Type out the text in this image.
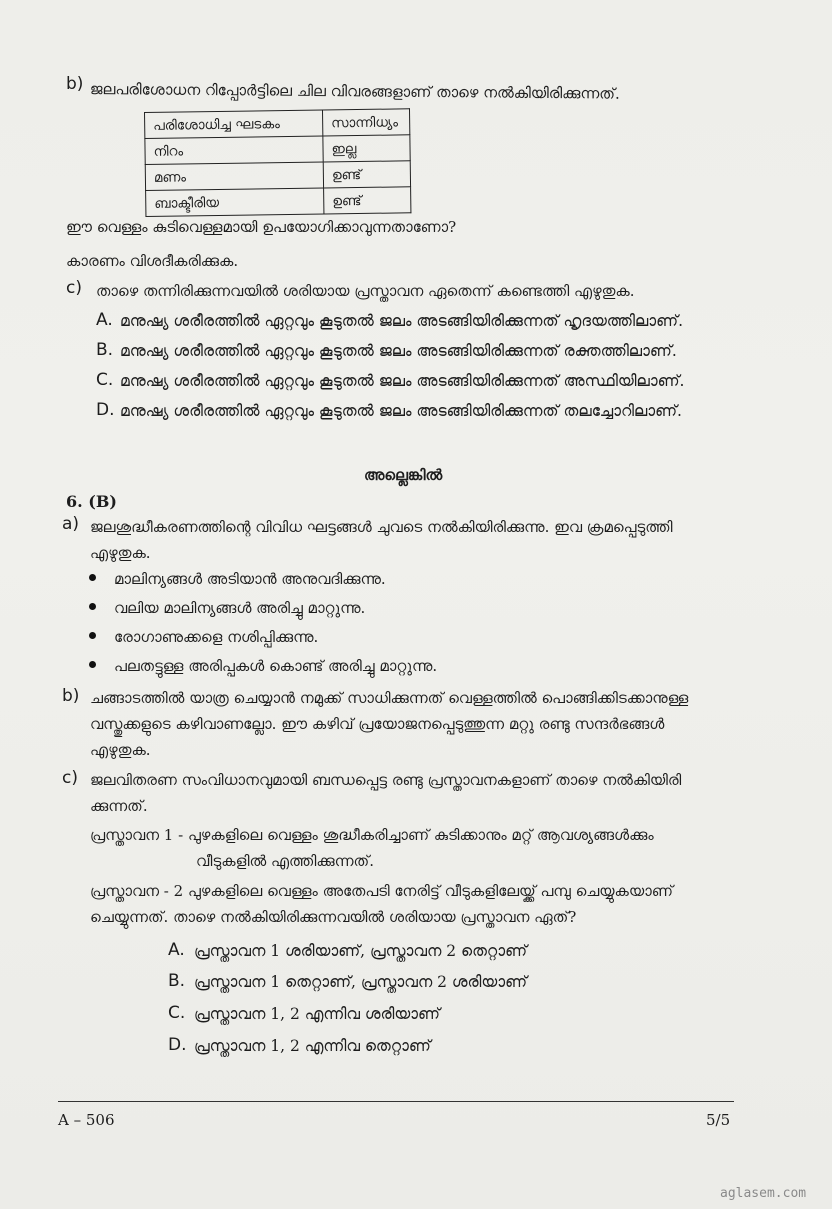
b) ജലപരിശോധന റിപ്പോർട്ടിലെ ചില വിവരങ്ങളാണ് താഴെ നൽകിയിരിക്കുന്നത്.
പരിശോധിച്ച ഘടകം	സാന്നിധ്യം
നിറം	ഇല്ല
മണം	ഉണ്ട്
ബാക്ടീരിയ	ഉണ്ട്
ഈ വെള്ളം കുടിവെള്ളമായി ഉപയോഗിക്കാവുന്നതാണോ?
കാരണം വിശദീകരിക്കുക.
c) താഴെ തന്നിരിക്കുന്നവയിൽ ശരിയായ പ്രസ്താവന ഏതെന്ന് കണ്ടെത്തി എഴുതുക.
A. മനുഷ്യ ശരീരത്തിൽ ഏറ്റവും കൂടുതൽ ജലം അടങ്ങിയിരിക്കുന്നത് ഹൃദയത്തിലാണ്.
B. മനുഷ്യ ശരീരത്തിൽ ഏറ്റവും കൂടുതൽ ജലം അടങ്ങിയിരിക്കുന്നത് രക്തത്തിലാണ്.
C. മനുഷ്യ ശരീരത്തിൽ ഏറ്റവും കൂടുതൽ ജലം അടങ്ങിയിരിക്കുന്നത് അസ്ഥിയിലാണ്.
D. മനുഷ്യ ശരീരത്തിൽ ഏറ്റവും കൂടുതൽ ജലം അടങ്ങിയിരിക്കുന്നത് തലച്ചോറിലാണ്.
അല്ലെങ്കിൽ
6. (B)
a) ജലശുദ്ധീകരണത്തിന്റെ വിവിധ ഘട്ടങ്ങൾ ചുവടെ നൽകിയിരിക്കുന്നു. ഇവ ക്രമപ്പെടുത്തി
എഴുതുക.
മാലിന്യങ്ങൾ അടിയാൻ അനുവദിക്കുന്നു.
വലിയ മാലിന്യങ്ങൾ അരിച്ചു മാറ്റുന്നു.
രോഗാണുക്കളെ നശിപ്പിക്കുന്നു.
പലതട്ടുള്ള അരിപ്പകൾ കൊണ്ട് അരിച്ചു മാറ്റുന്നു.
b) ചങ്ങാടത്തിൽ യാത്ര ചെയ്യാൻ നമുക്ക് സാധിക്കുന്നത് വെള്ളത്തിൽ പൊങ്ങിക്കിടക്കാനുള്ള
വസ്തുക്കളുടെ കഴിവാണല്ലോ. ഈ കഴിവ് പ്രയോജനപ്പെടുത്തുന്ന മറ്റു രണ്ടു സന്ദർഭങ്ങൾ
എഴുതുക.
c) ജലവിതരണ സംവിധാനവുമായി ബന്ധപ്പെട്ട രണ്ടു പ്രസ്താവനകളാണ് താഴെ നൽകിയിരി
ക്കുന്നത്.
പ്രസ്താവന 1 - പുഴകളിലെ വെള്ളം ശുദ്ധീകരിച്ചാണ് കുടിക്കാനും മറ്റ് ആവശ്യങ്ങൾക്കും
വീടുകളിൽ എത്തിക്കുന്നത്.
പ്രസ്താവന - 2 പുഴകളിലെ വെള്ളം അതേപടി നേരിട്ട് വീടുകളിലേയ്ക്ക് പമ്പു ചെയ്യുകയാണ്
ചെയ്യുന്നത്. താഴെ നൽകിയിരിക്കുന്നവയിൽ ശരിയായ പ്രസ്താവന ഏത്?
A. പ്രസ്താവന 1 ശരിയാണ്, പ്രസ്താവന 2 തെറ്റാണ്
B. പ്രസ്താവന 1 തെറ്റാണ്, പ്രസ്താവന 2 ശരിയാണ്
C. പ്രസ്താവന 1, 2 എന്നിവ ശരിയാണ്
D. പ്രസ്താവന 1, 2 എന്നിവ തെറ്റാണ്
A – 506	5/5
aglasem.com
